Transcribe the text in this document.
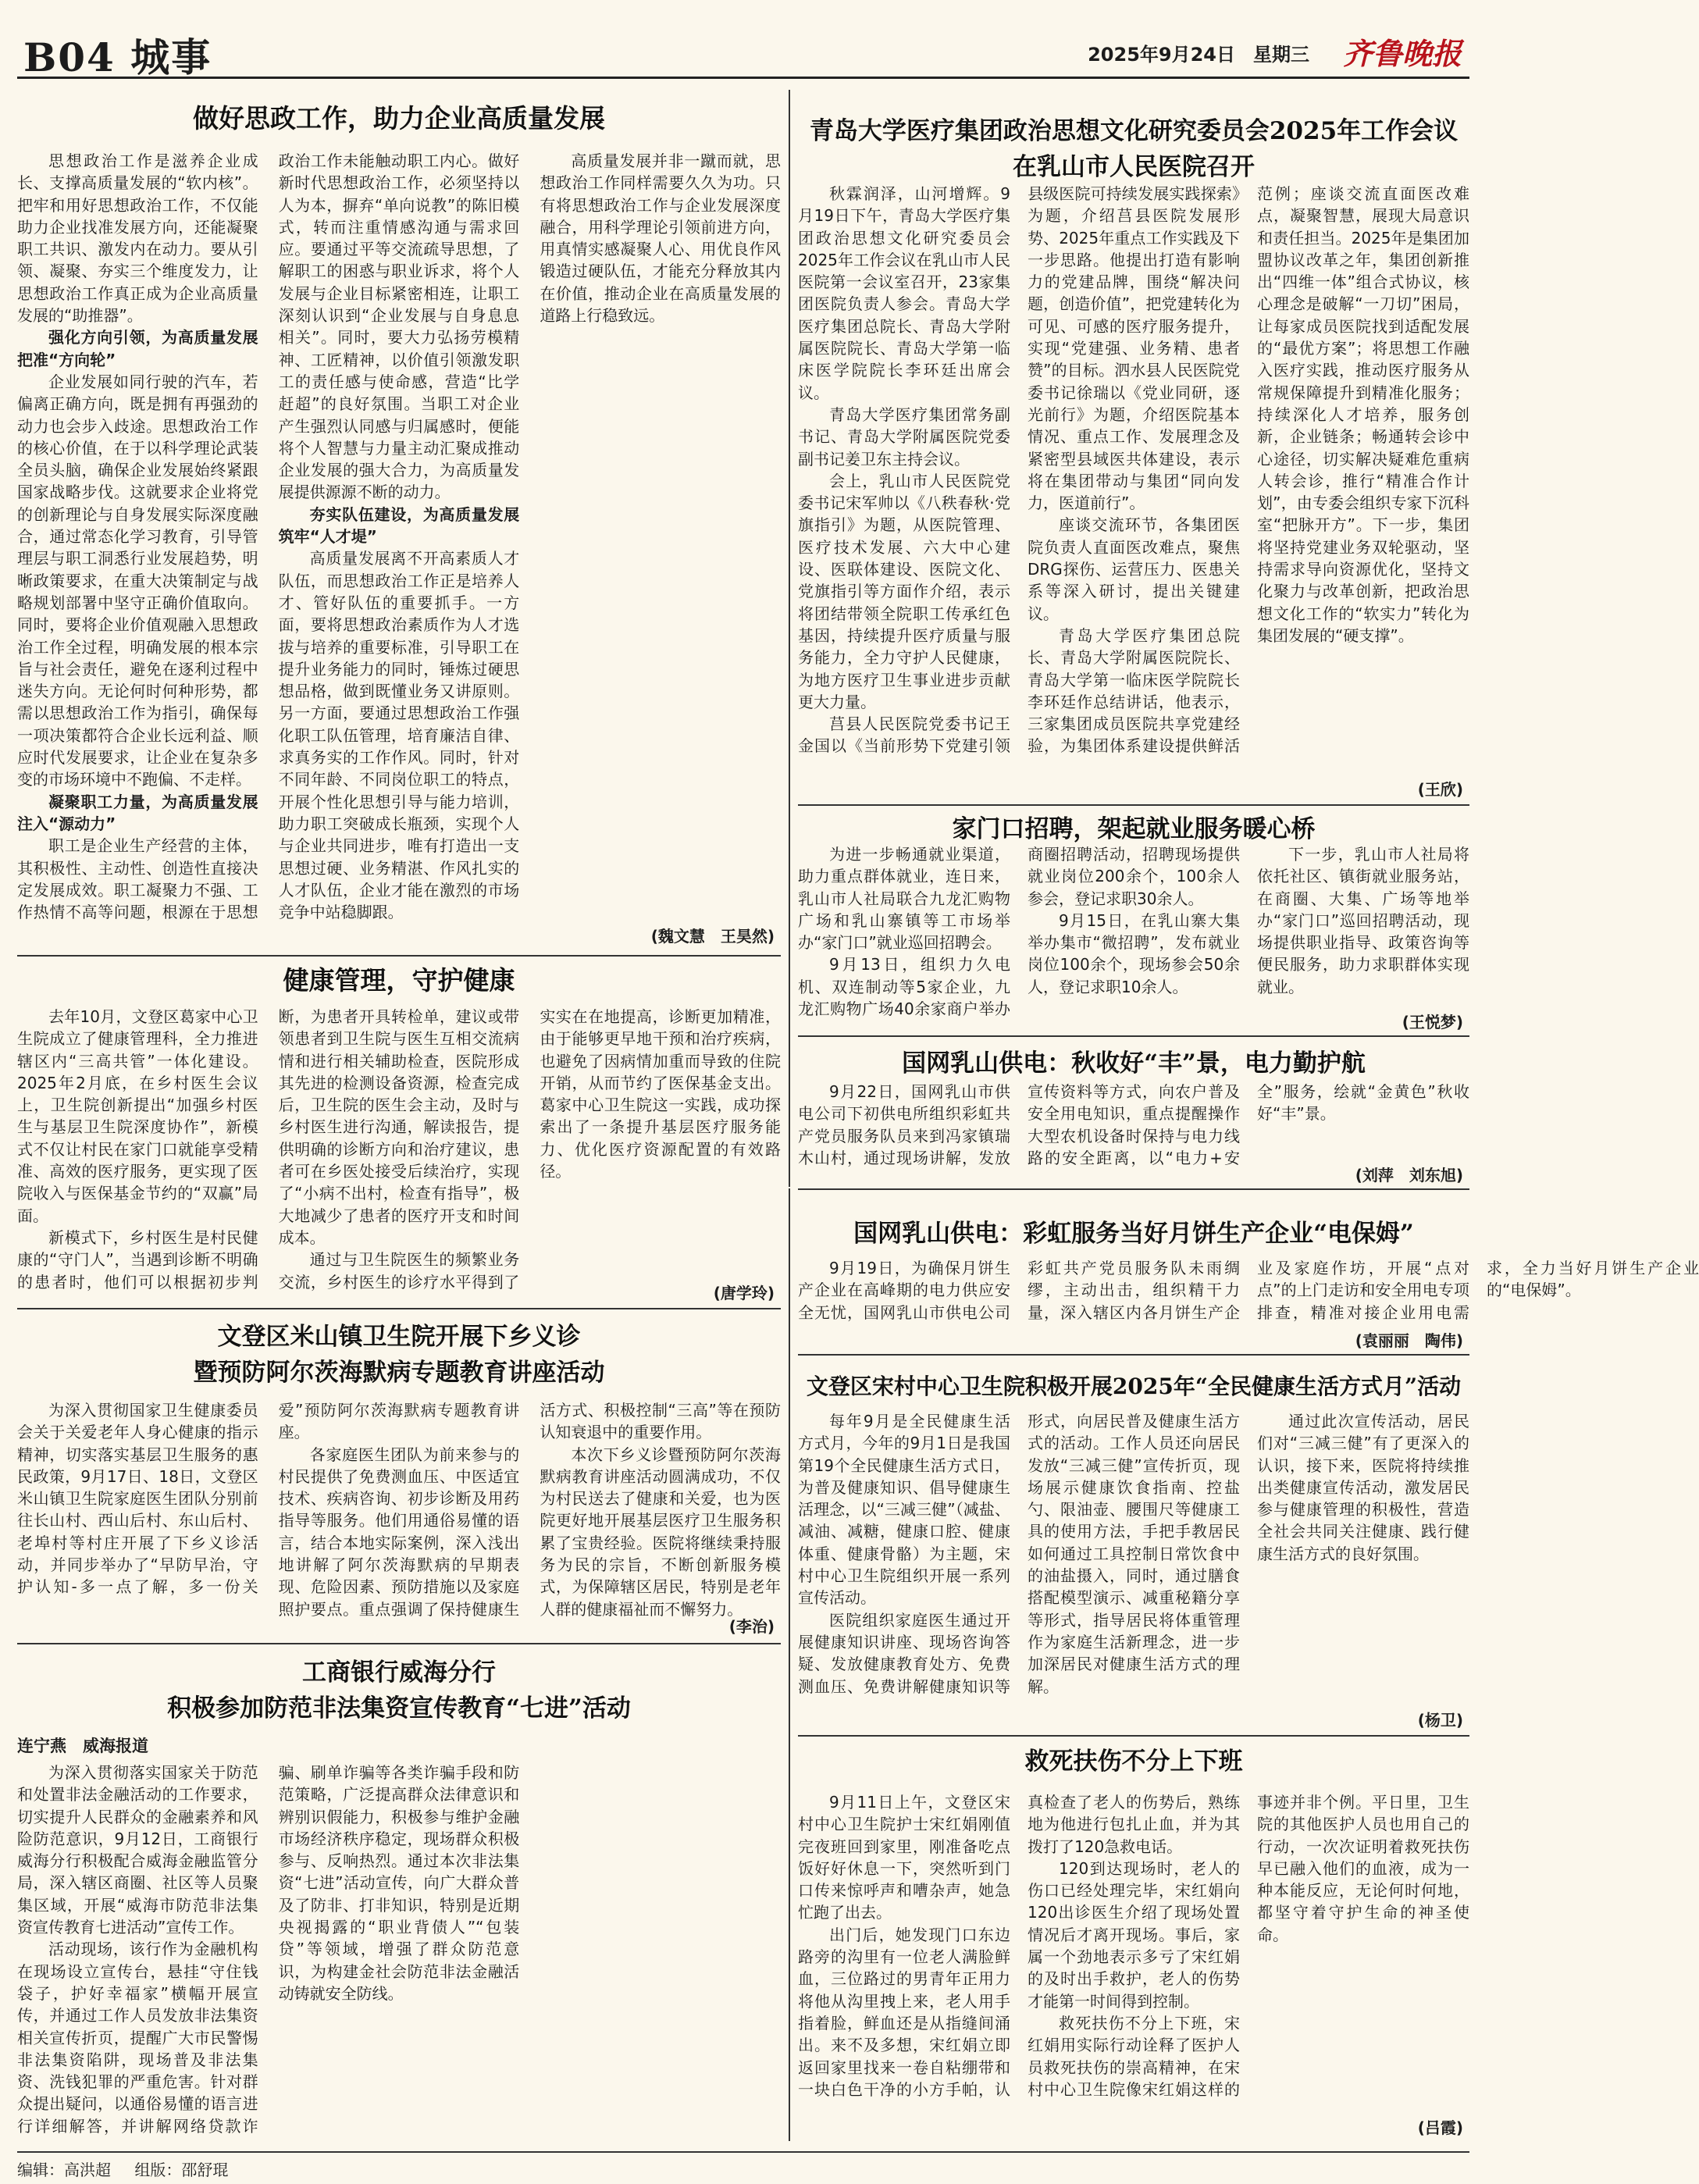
B04 城事	2025年9月24日 星期三 齐鲁晚报
做好思政工作，助力企业高质量发展

思想政治工作是滋养企业成长、支撑高质量发展的“软内核”。把牢和用好思想政治工作，不仅能助力企业找准发展方向，还能凝聚职工共识、激发内在动力。要从引领、凝聚、夯实三个维度发力，让思想政治工作真正成为企业高质量发展的“助推器”。

强化方向引领，为高质量发展把准“方向轮”

企业发展如同行驶的汽车，若偏离正确方向，既是拥有再强劲的动力也会步入歧途。思想政治工作的核心价值，在于以科学理论武装全员头脑，确保企业发展始终紧跟国家战略步伐。这就要求企业将党的创新理论与自身发展实际深度融合，通过常态化学习教育，引导管理层与职工洞悉行业发展趋势，明晰政策要求，在重大决策制定与战略规划部署中坚守正确价值取向。同时，要将企业价值观融入思想政治工作全过程，明确发展的根本宗旨与社会责任，避免在逐利过程中迷失方向。无论何时何种形势，都需以思想政治工作为指引，确保每一项决策都符合企业长远利益、顺应时代发展要求，让企业在复杂多变的市场环境中不跑偏、不走样。

凝聚职工力量，为高质量发展注入“源动力”

职工是企业生产经营的主体，其积极性、主动性、创造性直接决定发展成效。职工凝聚力不强、工作热情不高等问题，根源在于思想政治工作未能触动职工内心。做好新时代思想政治工作，必须坚持以人为本，摒弃“单向说教”的陈旧模式，转而注重情感沟通与需求回应。要通过平等交流疏导思想，了解职工的困惑与职业诉求，将个人发展与企业目标紧密相连，让职工深刻认识到“企业发展与自身息息相关”。同时，要大力弘扬劳模精神、工匠精神，以价值引领激发职工的责任感与使命感，营造“比学赶超”的良好氛围。当职工对企业产生强烈认同感与归属感时，便能将个人智慧与力量主动汇聚成推动企业发展的强大合力，为高质量发展提供源源不断的动力。

夯实队伍建设，为高质量发展筑牢“人才堤”

高质量发展离不开高素质人才队伍，而思想政治工作正是培养人才、管好队伍的重要抓手。一方面，要将思想政治素质作为人才选拔与培养的重要标准，引导职工在提升业务能力的同时，锤炼过硬思想品格，做到既懂业务又讲原则。另一方面，要通过思想政治工作强化职工队伍管理，培育廉洁自律、求真务实的工作作风。同时，针对不同年龄、不同岗位职工的特点，开展个性化思想引导与能力培训，助力职工突破成长瓶颈，实现个人与企业共同进步，唯有打造出一支思想过硬、业务精湛、作风扎实的人才队伍，企业才能在激烈的市场竞争中站稳脚跟。

高质量发展并非一蹴而就，思想政治工作同样需要久久为功。只有将思想政治工作与企业发展深度融合，用科学理论引领前进方向，用真情实感凝聚人心、用优良作风锻造过硬队伍，才能充分释放其内在价值，推动企业在高质量发展的道路上行稳致远。

(魏文慧　王昊然)
健康管理，守护健康

去年10月，文登区葛家中心卫生院成立了健康管理科，全力推进辖区内“三高共管”一体化建设。2025年2月底，在乡村医生会议上，卫生院创新提出“加强乡村医生与基层卫生院深度协作”，新模式不仅让村民在家门口就能享受精准、高效的医疗服务，更实现了医院收入与医保基金节约的“双赢”局面。

新模式下，乡村医生是村民健康的“守门人”，当遇到诊断不明确的患者时，他们可以根据初步判断，为患者开具转检单，建议或带领患者到卫生院与医生互相交流病情和进行相关辅助检查，医院形成其先进的检测设备资源，检查完成后，卫生院的医生会主动，及时与乡村医生进行沟通，解读报告，提供明确的诊断方向和治疗建议，患者可在乡医处接受后续治疗，实现了“小病不出村，检查有指导”，极大地减少了患者的医疗开支和时间成本。

通过与卫生院医生的频繁业务交流，乡村医生的诊疗水平得到了实实在在地提高，诊断更加精准，由于能够更早地干预和治疗疾病，也避免了因病情加重而导致的住院开销，从而节约了医保基金支出。葛家中心卫生院这一实践，成功探索出了一条提升基层医疗服务能力、优化医疗资源配置的有效路径。

(唐学玲)
文登区米山镇卫生院开展下乡义诊
暨预防阿尔茨海默病专题教育讲座活动

为深入贯彻国家卫生健康委员会关于关爱老年人身心健康的指示精神，切实落实基层卫生服务的惠民政策，9月17日、18日，文登区米山镇卫生院家庭医生团队分别前往长山村、西山后村、东山后村、老埠村等村庄开展了下乡义诊活动，并同步举办了“早防早治，守护认知-多一点了解，多一份关爱”预防阿尔茨海默病专题教育讲座。

各家庭医生团队为前来参与的村民提供了免费测血压、中医适宜技术、疾病咨询、初步诊断及用药指导等服务。他们用通俗易懂的语言，结合本地实际案例，深入浅出地讲解了阿尔茨海默病的早期表现、危险因素、预防措施以及家庭照护要点。重点强调了保持健康生活方式、积极控制“三高”等在预防认知衰退中的重要作用。

本次下乡义诊暨预防阿尔茨海默病教育讲座活动圆满成功，不仅为村民送去了健康和关爱，也为医院更好地开展基层医疗卫生服务积累了宝贵经验。医院将继续秉持服务为民的宗旨，不断创新服务模式，为保障辖区居民，特别是老年人群的健康福祉而不懈努力。

(李治)
工商银行威海分行
积极参加防范非法集资宣传教育“七进”活动
连宁燕　威海报道

为深入贯彻落实国家关于防范和处置非法金融活动的工作要求，切实提升人民群众的金融素养和风险防范意识，9月12日，工商银行威海分行积极配合威海金融监管分局，深入辖区商圈、社区等人员聚集区域，开展“威海市防范非法集资宣传教育七进活动”宣传工作。

活动现场，该行作为金融机构在现场设立宣传台，悬挂“守住钱袋子，护好幸福家”横幅开展宣传，并通过工作人员发放非法集资相关宣传折页，提醒广大市民警惕非法集资陷阱，现场普及非法集资、洗钱犯罪的严重危害。针对群众提出疑问，以通俗易懂的语言进行详细解答，并讲解网络贷款诈骗、刷单诈骗等各类诈骗手段和防范策略，广泛提高群众法律意识和辨别识假能力，积极参与维护金融市场经济秩序稳定，现场群众积极参与、反响热烈。通过本次非法集资“七进”活动宣传，向广大群众普及了防非、打非知识，特别是近期央视揭露的“职业背债人”“包装贷”等领域，增强了群众防范意识，为构建金社会防范非法金融活动铸就安全防线。

青岛大学医疗集团政治思想文化研究委员会2025年工作会议
在乳山市人民医院召开

秋霖润泽，山河增辉。9月19日下午，青岛大学医疗集团政治思想文化研究委员会2025年工作会议在乳山市人民医院第一会议室召开，23家集团医院负责人参会。青岛大学医疗集团总院长、青岛大学附属医院院长、青岛大学第一临床医学院院长李环廷出席会议。

青岛大学医疗集团常务副书记、青岛大学附属医院党委副书记姜卫东主持会议。

会上，乳山市人民医院党委书记宋军帅以《八秩春秋·党旗指引》为题，从医院管理、医疗技术发展、六大中心建设、医联体建设、医院文化、党旗指引等方面作介绍，表示将团结带领全院职工传承红色基因，持续提升医疗质量与服务能力，全力守护人民健康，为地方医疗卫生事业进步贡献更大力量。

莒县人民医院党委书记王金国以《当前形势下党建引领县级医院可持续发展实践探索》为题，介绍莒县医院发展形势、2025年重点工作实践及下一步思路。他提出打造有影响力的党建品牌，围绕“解决问题，创造价值”，把党建转化为可见、可感的医疗服务提升，实现“党建强、业务精、患者赞”的目标。泗水县人民医院党委书记徐瑞以《党业同研，逐光前行》为题，介绍医院基本情况、重点工作、发展理念及紧密型县域医共体建设，表示将在集团带动与集团“同向发力，医道前行”。

座谈交流环节，各集团医院负责人直面医改难点，聚焦DRG探伤、运营压力、医患关系等深入研讨，提出关键建议。

青岛大学医疗集团总院长、青岛大学附属医院院长、青岛大学第一临床医学院院长李环廷作总结讲话，他表示，三家集团成员医院共享党建经验，为集团体系建设提供鲜活范例；座谈交流直面医改难点，凝聚智慧，展现大局意识和责任担当。2025年是集团加盟协议改革之年，集团创新推出“四维一体”组合式协议，核心理念是破解“一刀切”困局，让每家成员医院找到适配发展的“最优方案”；将思想工作融入医疗实践，推动医疗服务从常规保障提升到精准化服务；持续深化人才培养，服务创新，企业链条；畅通转会诊中心途径，切实解决疑难危重病人转会诊，推行“精准合作计划”，由专委会组织专家下沉科室“把脉开方”。下一步，集团将坚持党建业务双轮驱动，坚持需求导向资源优化，坚持文化聚力与改革创新，把政治思想文化工作的“软实力”转化为集团发展的“硬支撑”。

(王欣)
家门口招聘，架起就业服务暖心桥

为进一步畅通就业渠道，助力重点群体就业，连日来，乳山市人社局联合九龙汇购物广场和乳山寨镇等工市场举办“家门口”就业巡回招聘会。

9月13日，组织力久电机、双连制动等5家企业，九龙汇购物广场40余家商户举办商圈招聘活动，招聘现场提供就业岗位200余个，100余人参会，登记求职30余人。

9月15日，在乳山寨大集举办集市“微招聘”，发布就业岗位100余个，现场参会50余人，登记求职10余人。

下一步，乳山市人社局将依托社区、镇街就业服务站，在商圈、大集、广场等地举办“家门口”巡回招聘活动，现场提供职业指导、政策咨询等便民服务，助力求职群体实现就业。

(王悦梦)
国网乳山供电：秋收好“丰”景，电力勤护航

9月22日，国网乳山市供电公司下初供电所组织彩虹共产党员服务队员来到冯家镇瑞木山村，通过现场讲解，发放宣传资料等方式，向农户普及安全用电知识，重点提醒操作大型农机设备时保持与电力线路的安全距离，以“电力+安全”服务，绘就“金黄色”秋收好“丰”景。

(刘萍　刘东旭)
国网乳山供电：彩虹服务当好月饼生产企业“电保姆”

9月19日，为确保月饼生产企业在高峰期的电力供应安全无忧，国网乳山市供电公司彩虹共产党员服务队未雨绸缪，主动出击，组织精干力量，深入辖区内各月饼生产企业及家庭作坊，开展“点对点”的上门走访和安全用电专项排查，精准对接企业用电需求，全力当好月饼生产企业的“电保姆”。

(袁丽丽　陶伟)
文登区宋村中心卫生院积极开展2025年“全民健康生活方式月”活动

每年9月是全民健康生活方式月，今年的9月1日是我国第19个全民健康生活方式日，为普及健康知识、倡导健康生活理念，以“三减三健”（减盐、减油、减糖，健康口腔、健康体重、健康骨骼）为主题，宋村中心卫生院组织开展一系列宣传活动。

医院组织家庭医生通过开展健康知识讲座、现场咨询答疑、发放健康教育处方、免费测血压、免费讲解健康知识等形式，向居民普及健康生活方式的活动。工作人员还向居民发放“三减三健”宣传折页，现场展示健康饮食指南、控盐勺、限油壶、腰围尺等健康工具的使用方法，手把手教居民如何通过工具控制日常饮食中的油盐摄入，同时，通过膳食搭配模型演示、减重秘籍分享等形式，指导居民将体重管理作为家庭生活新理念，进一步加深居民对健康生活方式的理解。

通过此次宣传活动，居民们对“三减三健”有了更深入的认识，接下来，医院将持续推出类健康宣传活动，激发居民参与健康管理的积极性，营造全社会共同关注健康、践行健康生活方式的良好氛围。

(杨卫)
救死扶伤不分上下班

9月11日上午，文登区宋村中心卫生院护士宋红娟刚值完夜班回到家里，刚准备吃点饭好好休息一下，突然听到门口传来惊呼声和嘈杂声，她急忙跑了出去。

出门后，她发现门口东边路旁的沟里有一位老人满脸鲜血，三位路过的男青年正用力将他从沟里拽上来，老人用手指着脸，鲜血还是从指缝间涌出。来不及多想，宋红娟立即返回家里找来一卷自粘绷带和一块白色干净的小方手帕，认真检查了老人的伤势后，熟练地为他进行包扎止血，并为其拨打了120急救电话。

120到达现场时，老人的伤口已经处理完毕，宋红娟向120出诊医生介绍了现场处置情况后才离开现场。事后，家属一个劲地表示多亏了宋红娟的及时出手救护，老人的伤势才能第一时间得到控制。

救死扶伤不分上下班，宋红娟用实际行动诠释了医护人员救死扶伤的崇高精神，在宋村中心卫生院像宋红娟这样的事迹并非个例。平日里，卫生院的其他医护人员也用自己的行动，一次次证明着救死扶伤早已融入他们的血液，成为一种本能反应，无论何时何地，都坚守着守护生命的神圣使命。

(吕霞)
编辑：高洪超 组版：邵舒琨
